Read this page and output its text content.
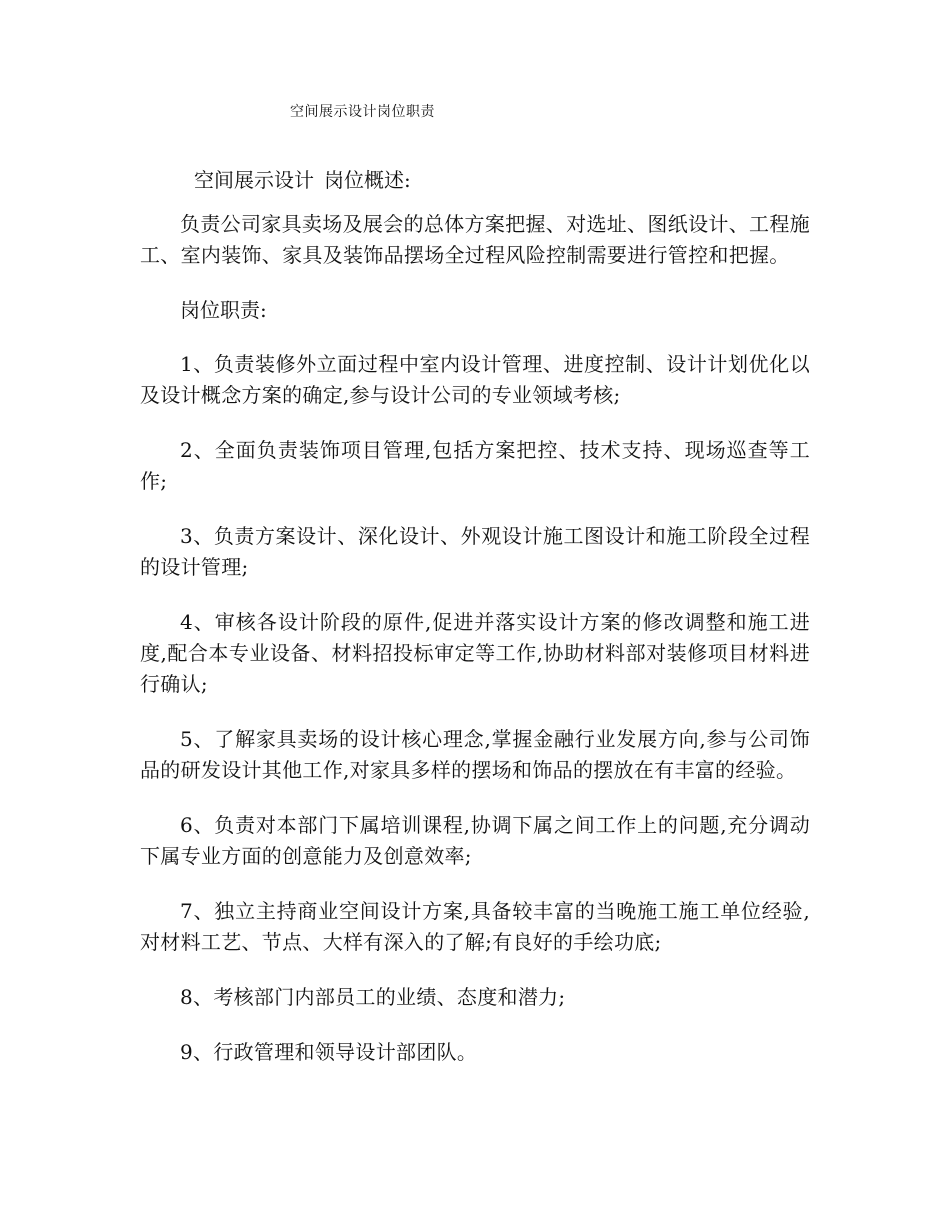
空间展示设计岗位职责
空间展示设计 岗位概述:

负责公司家具卖场及展会的总体方案把握、对选址、图纸设计、工程施工、室内装饰、家具及装饰品摆场全过程风险控制需要进行管控和把握。

岗位职责:

1、负责装修外立面过程中室内设计管理、进度控制、设计计划优化以及设计概念方案的确定,参与设计公司的专业领域考核;

2、全面负责装饰项目管理,包括方案把控、技术支持、现场巡查等工作;

3、负责方案设计、深化设计、外观设计施工图设计和施工阶段全过程的设计管理;

4、审核各设计阶段的原件,促进并落实设计方案的修改调整和施工进度,配合本专业设备、材料招投标审定等工作,协助材料部对装修项目材料进行确认;

5、了解家具卖场的设计核心理念,掌握金融行业发展方向,参与公司饰品的研发设计其他工作,对家具多样的摆场和饰品的摆放在有丰富的经验。

6、负责对本部门下属培训课程,协调下属之间工作上的问题,充分调动下属专业方面的创意能力及创意效率;

7、独立主持商业空间设计方案,具备较丰富的当晚施工施工单位经验,对材料工艺、节点、大样有深入的了解;有良好的手绘功底;

8、考核部门内部员工的业绩、态度和潜力;

9、行政管理和领导设计部团队。
